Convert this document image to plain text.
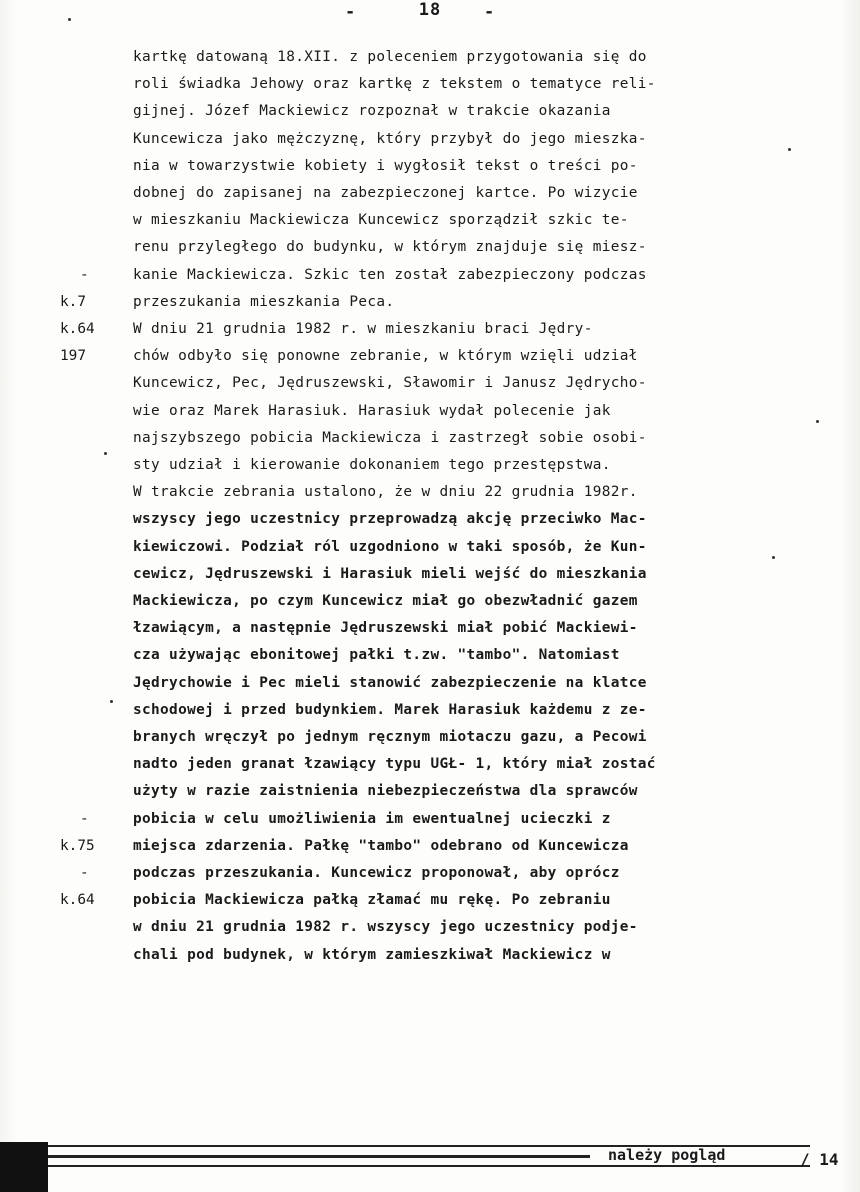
-	18	-
kartkę datowaną 18.XII. z poleceniem przygotowania się do
roli świadka Jehowy oraz kartkę z tekstem o tematyce reli-
gijnej. Józef Mackiewicz rozpoznał w trakcie okazania
Kuncewicza jako mężczyznę, który przybył do jego mieszka-
nia w towarzystwie kobiety i wygłosił tekst o treści po-
dobnej do zapisanej na zabezpieczonej kartce. Po wizycie
w mieszkaniu Mackiewicza Kuncewicz sporządził szkic te-
renu przyległego do budynku, w którym znajduje się miesz-
kanie Mackiewicza. Szkic ten został zabezpieczony podczas
przeszukania mieszkania Peca.
W dniu 21 grudnia 1982 r. w mieszkaniu braci Jędry-
chów odbyło się ponowne zebranie, w którym wzięli udział
Kuncewicz, Pec, Jędruszewski, Sławomir i Janusz Jędrycho-
wie oraz Marek Harasiuk. Harasiuk wydał polecenie jak
najszybszego pobicia Mackiewicza i zastrzegł sobie osobi-
sty udział i kierowanie dokonaniem tego przestępstwa.
W trakcie zebrania ustalono, że w dniu 22 grudnia 1982r.
wszyscy jego uczestnicy przeprowadzą akcję przeciwko Mac-
kiewiczowi. Podział ról uzgodniono w taki sposób, że Kun-
cewicz, Jędruszewski i Harasiuk mieli wejść do mieszkania
Mackiewicza, po czym Kuncewicz miał go obezwładnić gazem
łzawiącym, a następnie Jędruszewski miał pobić Mackiewi-
cza używając ebonitowej pałki t.zw. "tambo". Natomiast
Jędrychowie i Pec mieli stanowić zabezpieczenie na klatce
schodowej i przed budynkiem. Marek Harasiuk każdemu z ze-
branych wręczył po jednym ręcznym miotaczu gazu, a Pecowi
nadto jeden granat łzawiący typu UGŁ- 1, który miał zostać
użyty w razie zaistnienia niebezpieczeństwa dla sprawców
pobicia w celu umożliwienia im ewentualnej ucieczki z
miejsca zdarzenia. Pałkę "tambo" odebrano od Kuncewicza
podczas przeszukania. Kuncewicz proponował, aby oprócz
pobicia Mackiewicza pałką złamać mu rękę. Po zebraniu
w dniu 21 grudnia 1982 r. wszyscy jego uczestnicy podje-
chali pod budynek, w którym zamieszkiwał Mackiewicz w
-
k.7
k.64
197
-
k.75
-
k.64
należy pogląd	/ 14
